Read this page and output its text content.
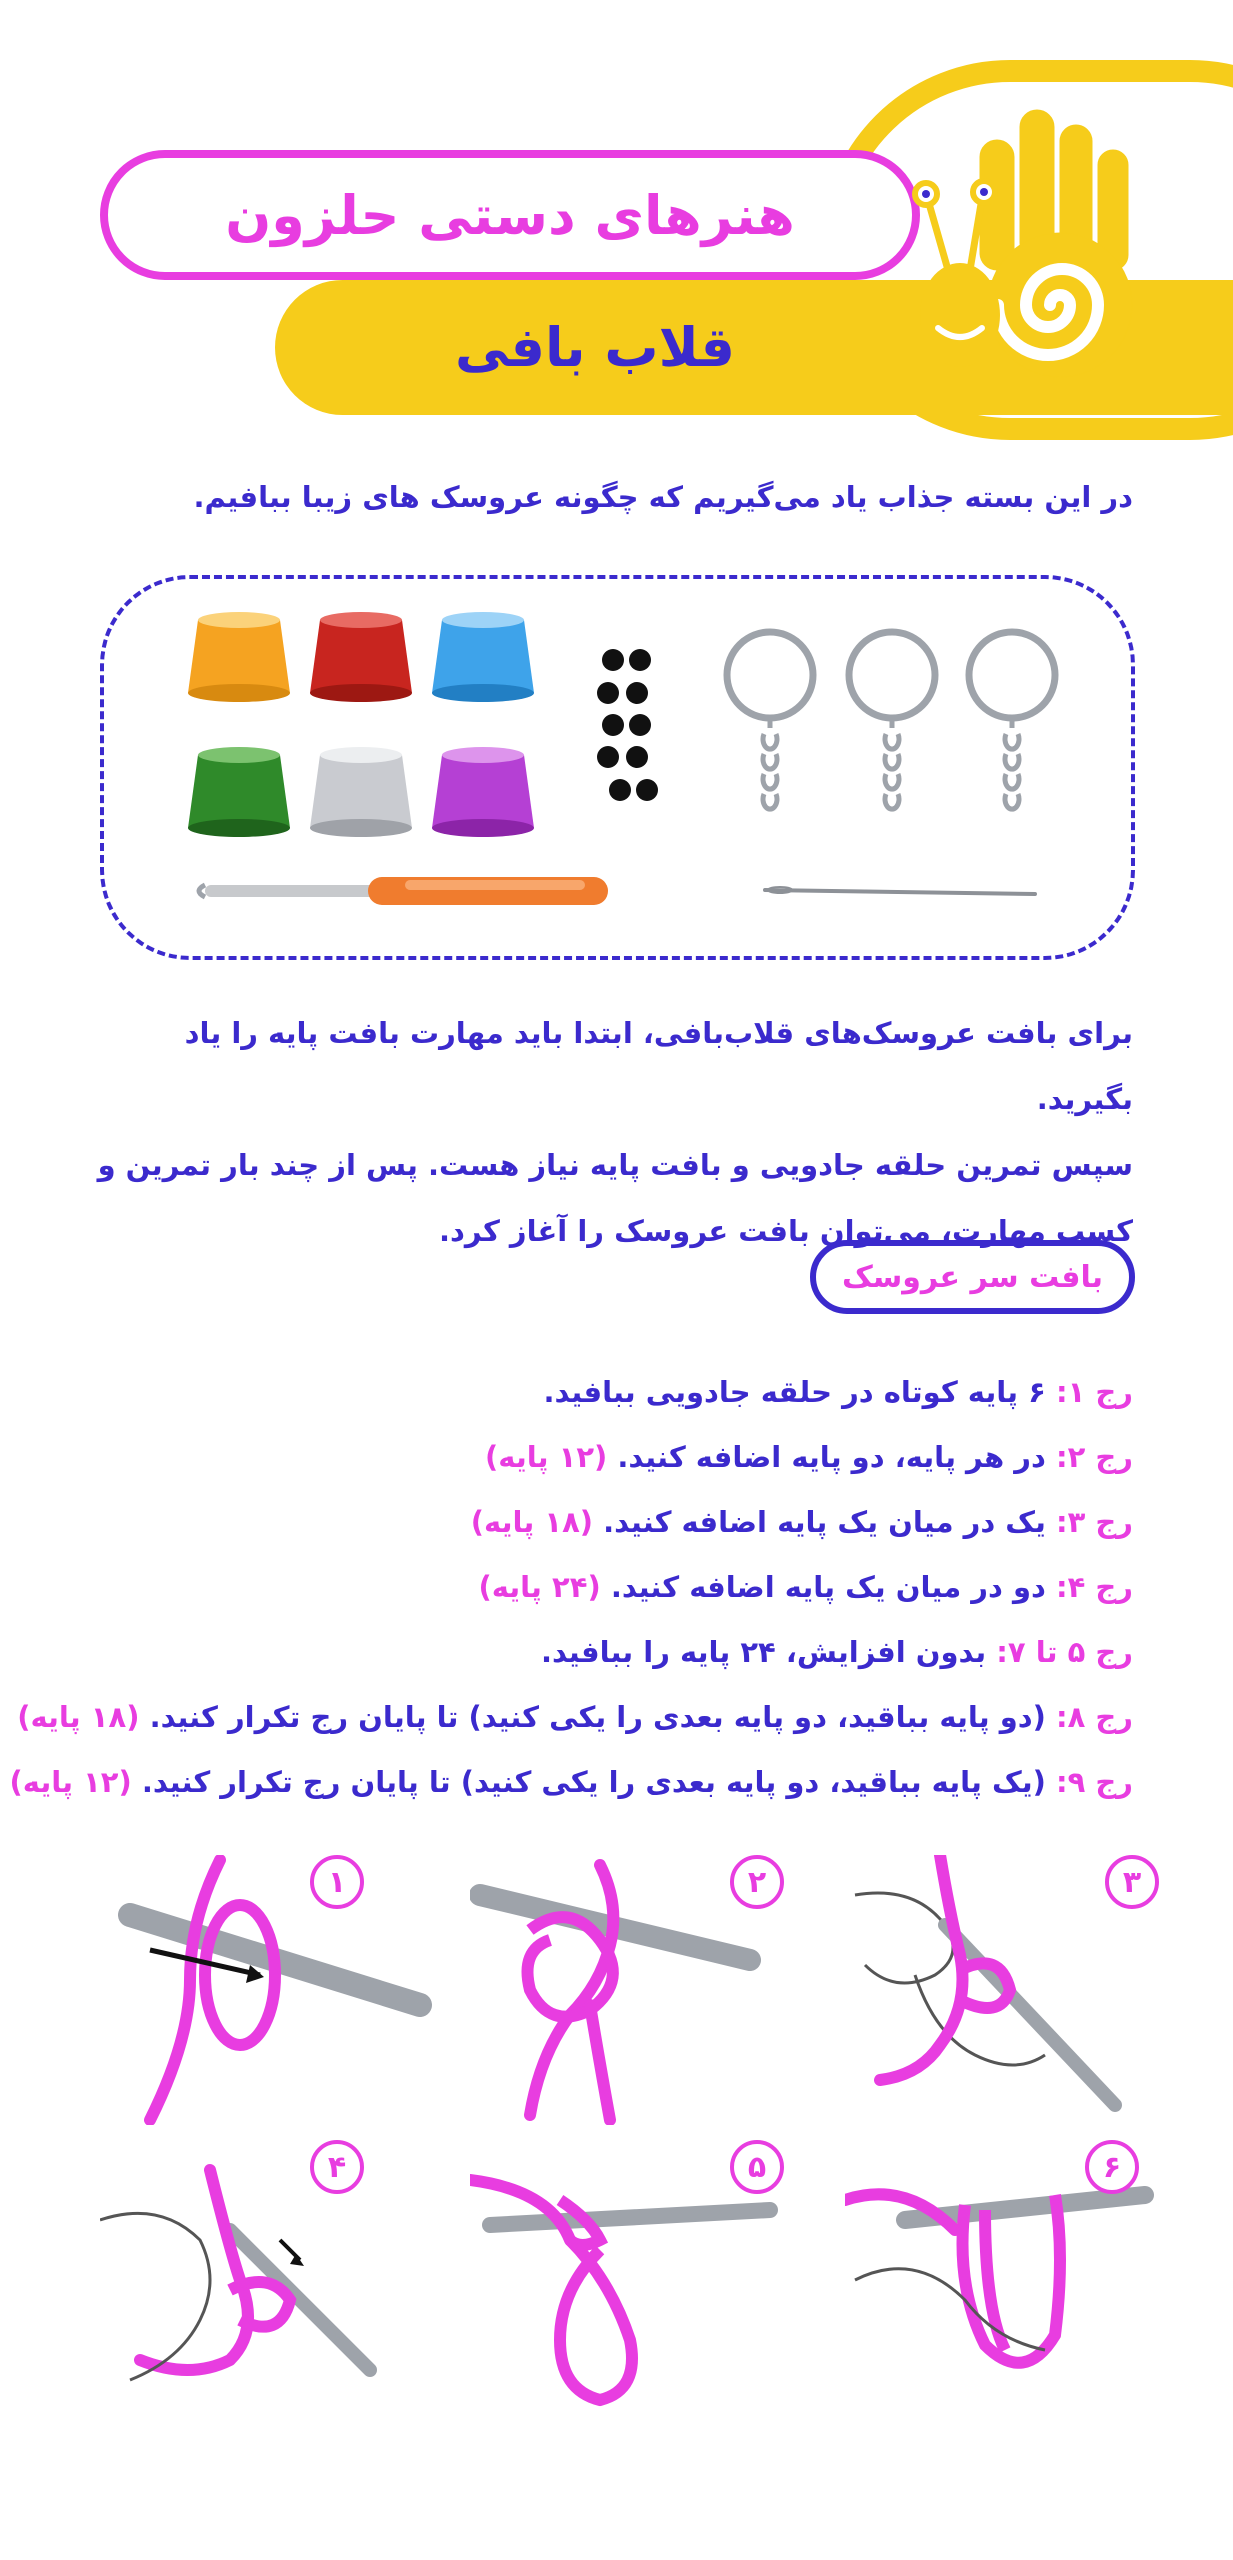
هنرهای دستی حلزون
قلاب بافی
در این بسته جذاب یاد می‌گیریم که چگونه عروسک های زیبا ببافیم.
برای بافت عروسک‌های قلاب‌بافی، ابتدا باید مهارت بافت پایه را یاد بگیرید.
سپس تمرین حلقه جادویی و بافت پایه نیاز هست. پس از چند بار تمرین و
کسب مهارت، می‌توان بافت عروسک را آغاز کرد.
بافت سر عروسک
رج ۱: ۶ پایه کوتاه در حلقه جادویی ببافید.
رج ۲: در هر پایه، دو پایه اضافه کنید. (۱۲ پایه)
رج ۳: یک در میان یک پایه اضافه کنید. (۱۸ پایه)
رج ۴: دو در میان یک پایه اضافه کنید. (۲۴ پایه)
رج ۵ تا ۷: بدون افزایش، ۲۴ پایه را ببافید.
رج ۸: (دو پایه بباقید، دو پایه بعدی را یکی کنید) تا پایان رج تکرار کنید. (۱۸ پایه)
رج ۹: (یک پایه بباقید، دو پایه بعدی را یکی کنید) تا پایان رج تکرار کنید. (۱۲ پایه)
۳
۲
۱
۶
۵
۴
